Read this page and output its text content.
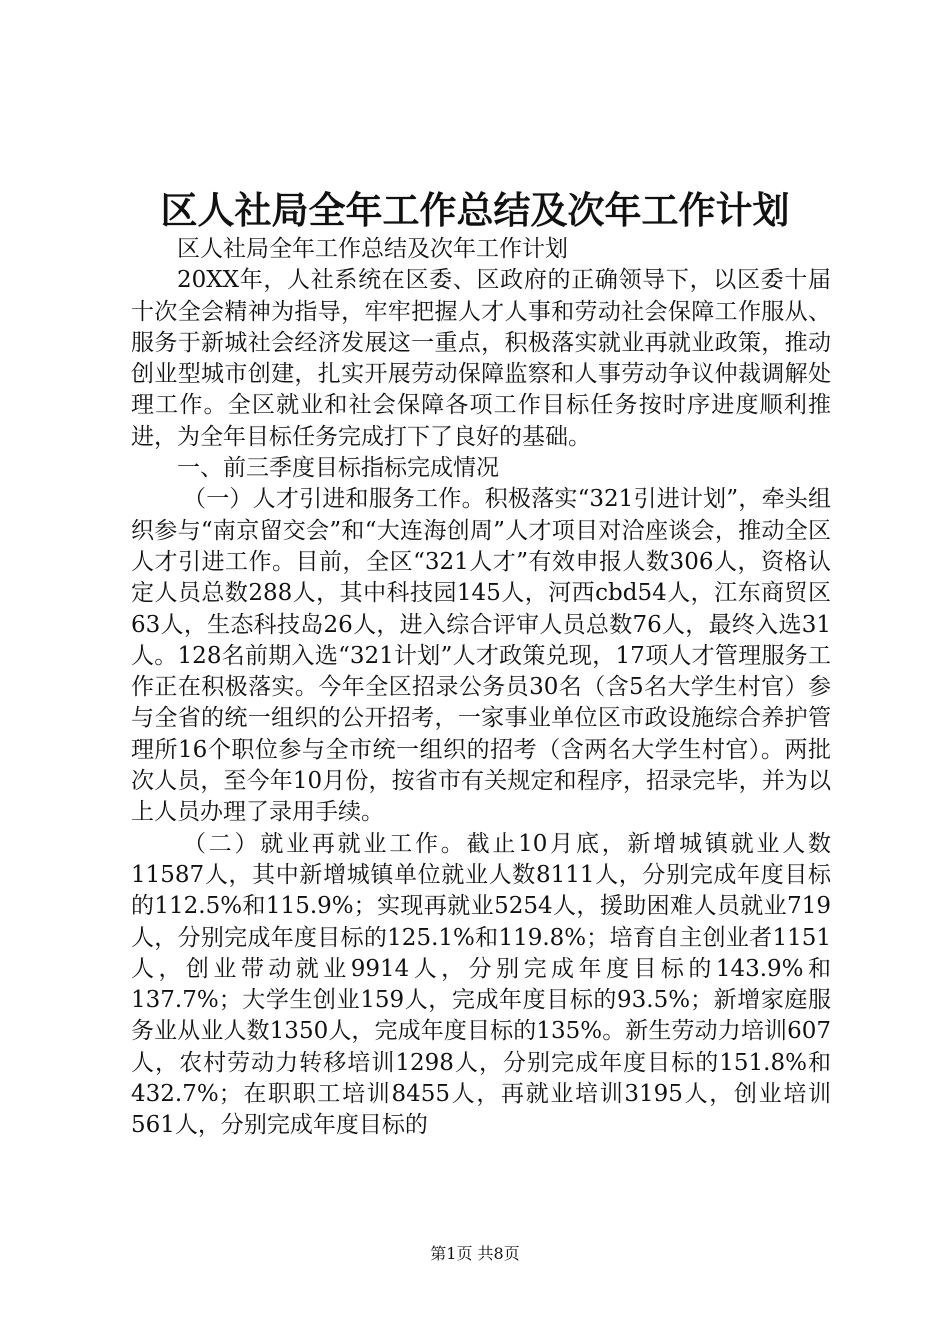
区人社局全年工作总结及次年工作计划

区人社局全年工作总结及次年工作计划

20XX年，人社系统在区委、区政府的正确领导下，以区委十届十次全会精神为指导，牢牢把握人才人事和劳动社会保障工作服从、服务于新城社会经济发展这一重点，积极落实就业再就业政策，推动创业型城市创建，扎实开展劳动保障监察和人事劳动争议仲裁调解处理工作。全区就业和社会保障各项工作目标任务按时序进度顺利推进，为全年目标任务完成打下了良好的基础。

一、前三季度目标指标完成情况

（一）人才引进和服务工作。积极落实“321引进计划”，牵头组织参与“南京留交会”和“大连海创周”人才项目对洽座谈会，推动全区人才引进工作。目前，全区“321人才”有效申报人数306人，资格认定人员总数288人，其中科技园145人，河西cbd54人，江东商贸区63人，生态科技岛26人，进入综合评审人员总数76人，最终入选31人。128名前期入选“321计划”人才政策兑现，17项人才管理服务工作正在积极落实。今年全区招录公务员30名（含5名大学生村官）参与全省的统一组织的公开招考，一家事业单位区市政设施综合养护管理所16个职位参与全市统一组织的招考（含两名大学生村官）。两批次人员，至今年10月份，按省市有关规定和程序，招录完毕，并为以上人员办理了录用手续。

（二）就业再就业工作。截止10月底，新增城镇就业人数11587人，其中新增城镇单位就业人数8111人，分别完成年度目标的112.5%和115.9%；实现再就业5254人，援助困难人员就业719人，分别完成年度目标的125.1%和119.8%；培育自主创业者1151人，创业带动就业9914人，分别完成年度目标的143.9%和137.7%；大学生创业159人，完成年度目标的93.5%；新增家庭服务业从业人数1350人，完成年度目标的135%。新生劳动力培训607人，农村劳动力转移培训1298人，分别完成年度目标的151.8%和432.7%；在职职工培训8455人，再就业培训3195人，创业培训561人，分别完成年度目标的

第1页 共8页
